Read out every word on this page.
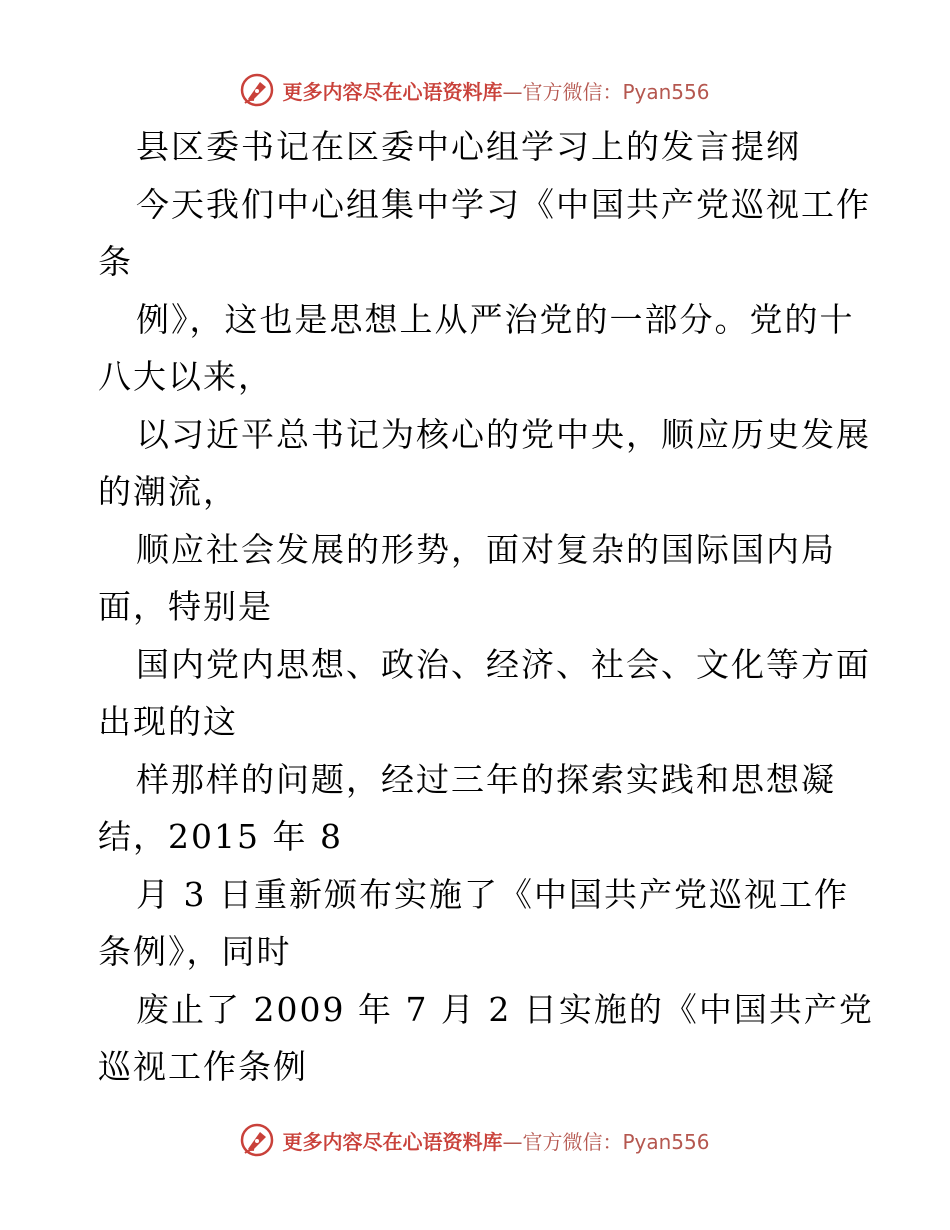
更多内容尽在心语资料库—官方微信：Pyan556
县区委书记在区委中心组学习上的发言提纲
今天我们中心组集中学习《中国共产党巡视工作
条
例》，这也是思想上从严治党的一部分。党的十
八大以来，
以习近平总书记为核心的党中央，顺应历史发展
的潮流，
顺应社会发展的形势，面对复杂的国际国内局
面，特别是
国内党内思想、政治、经济、社会、文化等方面
出现的这
样那样的问题，经过三年的探索实践和思想凝
结，2015 年 8
月 3 日重新颁布实施了《中国共产党巡视工作
条例》，同时
废止了 2009 年 7 月 2 日实施的《中国共产党
巡视工作条例
更多内容尽在心语资料库—官方微信：Pyan556
